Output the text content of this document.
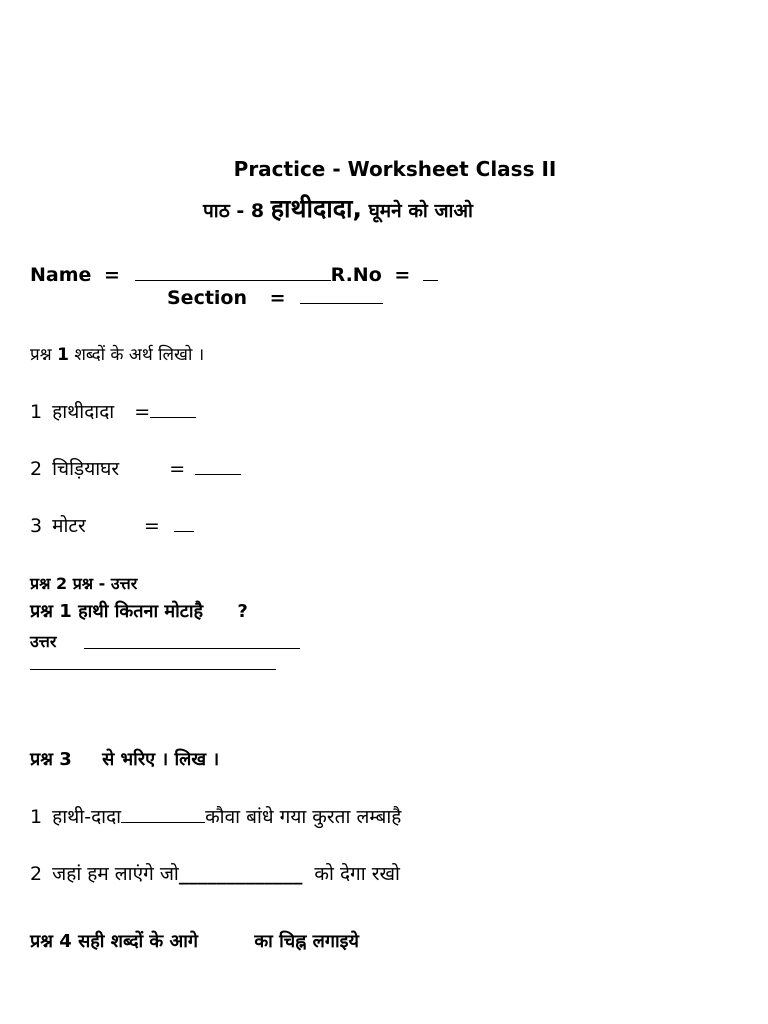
Practice - Worksheet Class II
पाठ - 8 हाथीदादा, घूमने को जाओ
Name =	R.No =
Section =
प्रश्न 1 शब्दों के अर्थ लिखो ।
1 हाथीदादा =
2 चिड़ियाघर	=
3 मोटर	=
प्रश्न 2 प्रश्न - उत्तर
प्रश्न 1 हाथी कितना मोटाहै ?
उत्तर
प्रश्न 3 से भरिए । लिख ।
1 हाथी-दादा	कौवा बांधे गया कुरता लम्बाहै
2 जहां हम लाएंगे जो_____________ को देगा रखो
प्रश्न 4 सही शब्दों के आगे	का चिह्न लगाइये
